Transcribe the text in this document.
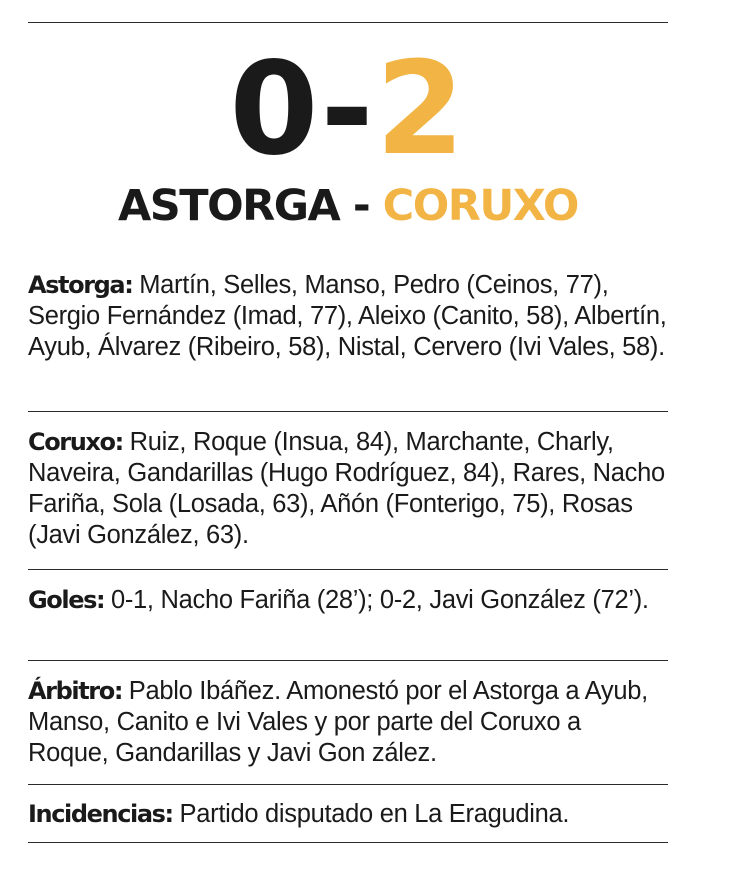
0-2
ASTORGA - CORUXO
Astorga: Martín, Selles, Manso, Pedro (Ceinos, 77), Sergio Fernández (Imad, 77), Aleixo (Canito, 58), Albertín, Ayub, Álvarez (Ribeiro, 58), Nistal, Cervero (Ivi Vales, 58).
Coruxo: Ruiz, Roque (Insua, 84), Marchante, Charly, Naveira, Gandarillas (Hugo Rodríguez, 84), Rares, Nacho Fariña, Sola (Losada, 63), Añón (Fonterigo, 75), Rosas (Javi González, 63).
Goles: 0-1, Nacho Fariña (28’); 0-2, Javi González (72’).
Árbitro: Pablo Ibáñez. Amonestó por el Astorga a Ayub, Manso, Canito e Ivi Vales y por parte del Coruxo a Roque, Gandarillas y Javi Gon zález.
Incidencias: Partido disputado en La Eragudina.
